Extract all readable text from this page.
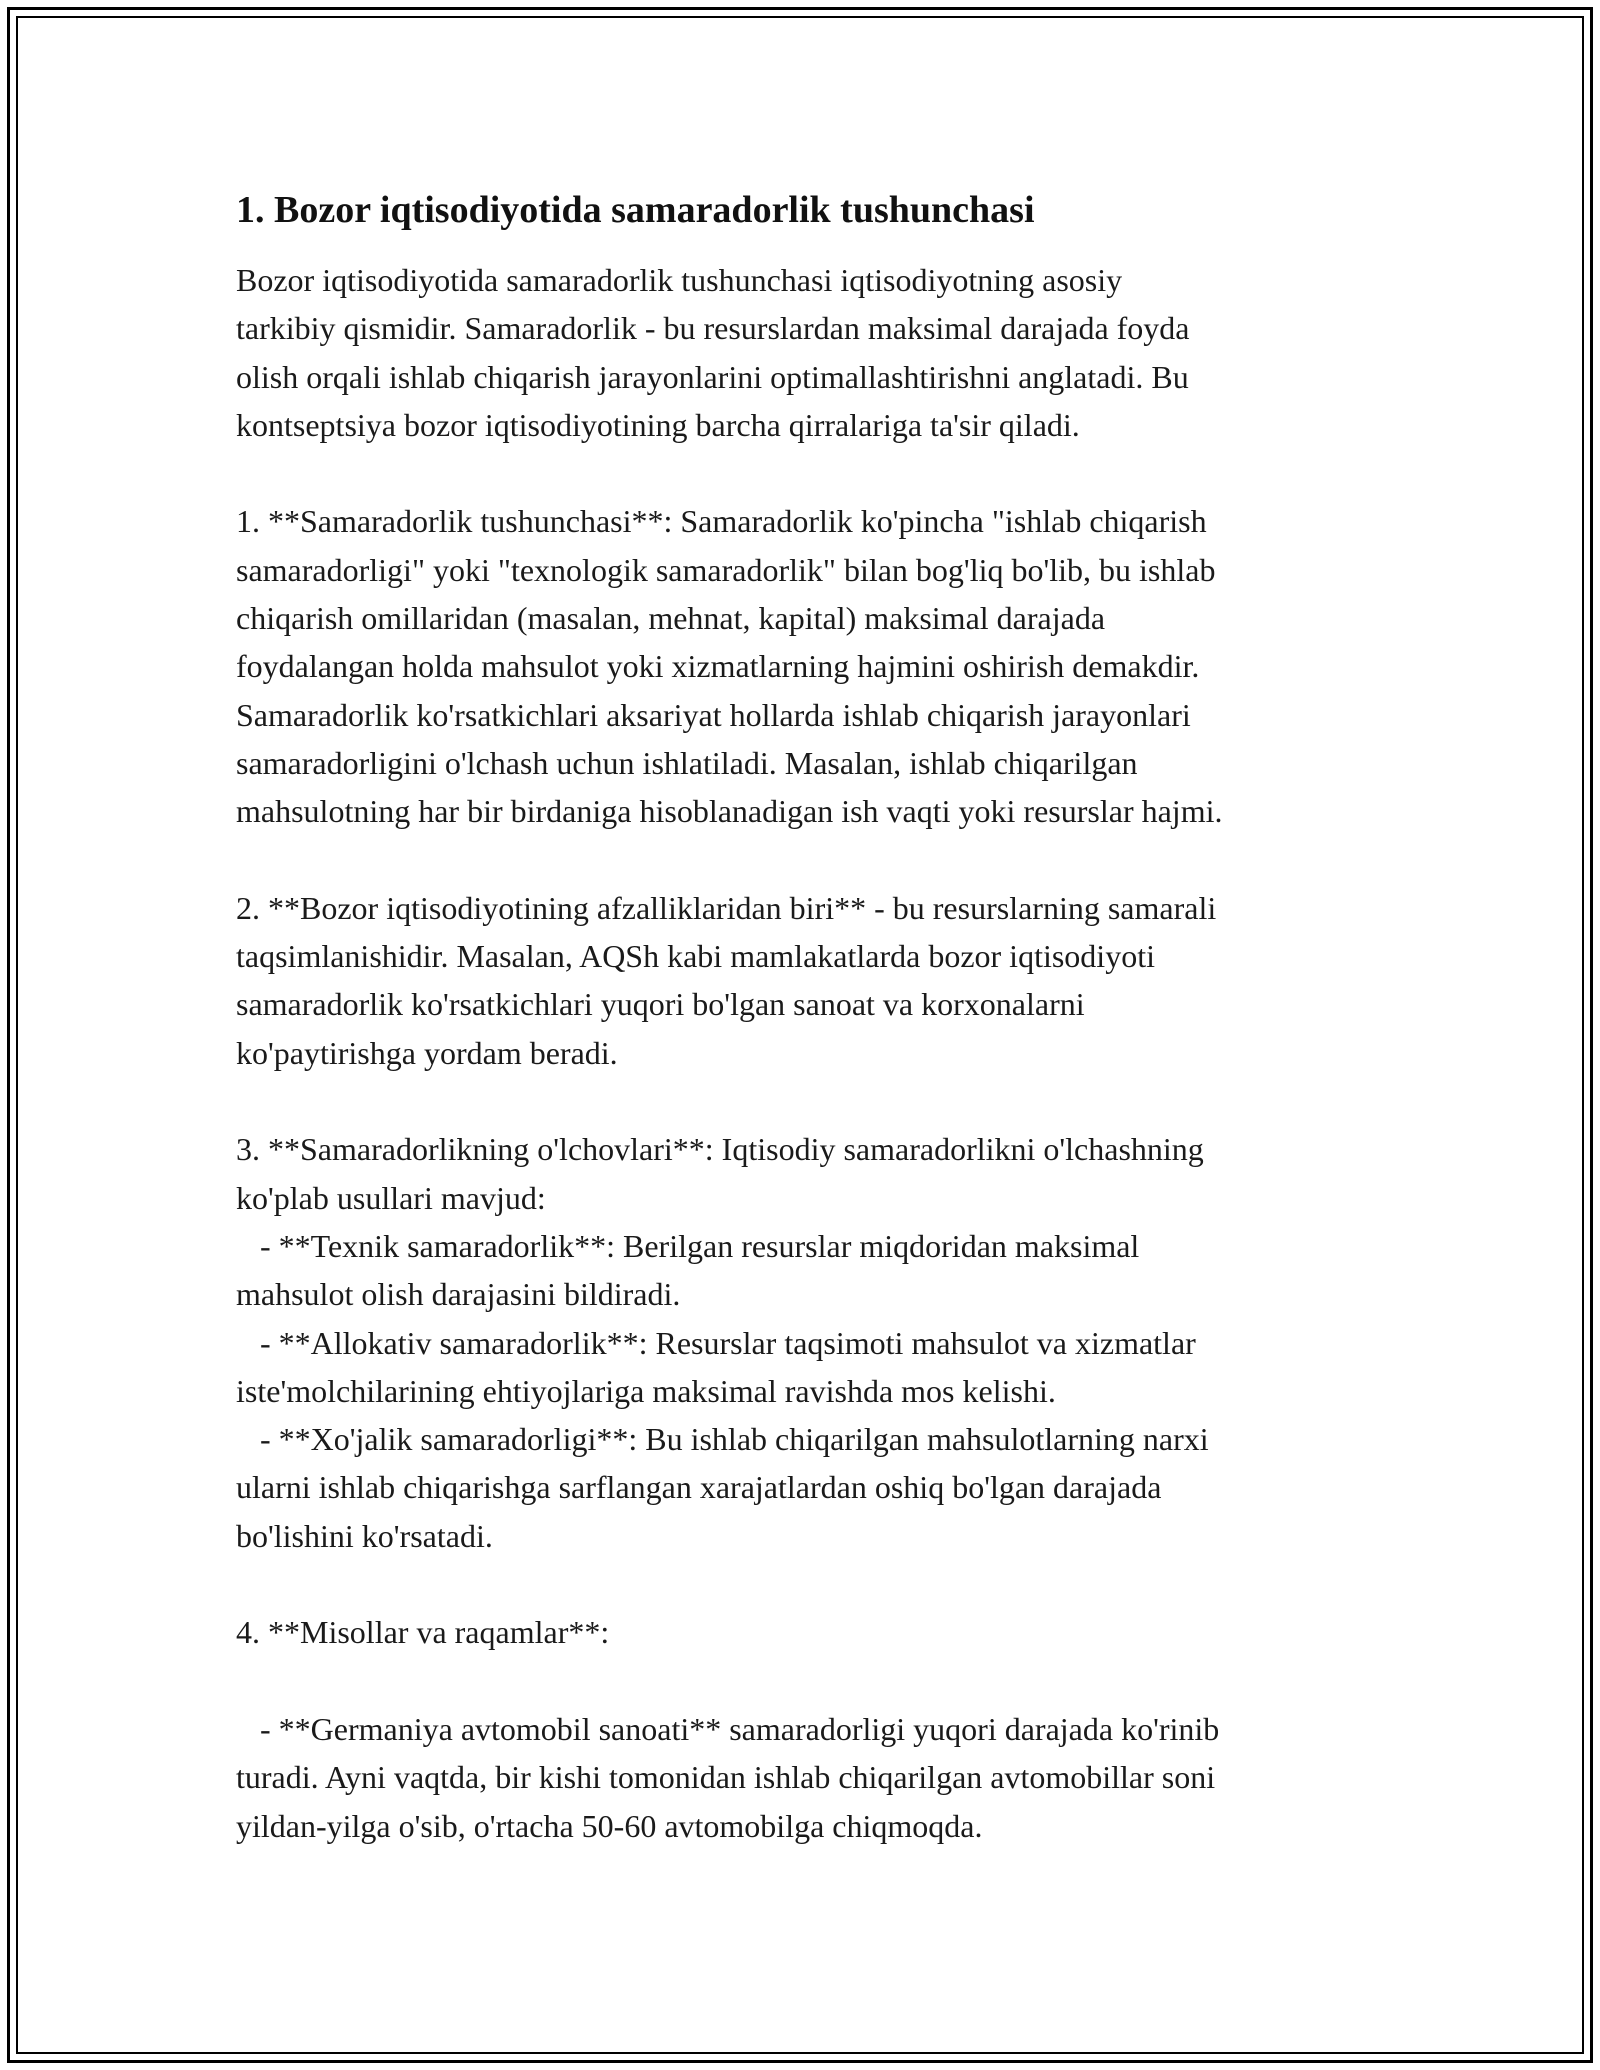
1. Bozor iqtisodiyotida samaradorlik tushunchasi
Bozor iqtisodiyotida samaradorlik tushunchasi iqtisodiyotning asosiy
tarkibiy qismidir. Samaradorlik - bu resurslardan maksimal darajada foyda
olish orqali ishlab chiqarish jarayonlarini optimallashtirishni anglatadi. Bu
kontseptsiya bozor iqtisodiyotining barcha qirralariga ta'sir qiladi.
1. **Samaradorlik tushunchasi**: Samaradorlik ko'pincha "ishlab chiqarish
samaradorligi" yoki "texnologik samaradorlik" bilan bog'liq bo'lib, bu ishlab
chiqarish omillaridan (masalan, mehnat, kapital) maksimal darajada
foydalangan holda mahsulot yoki xizmatlarning hajmini oshirish demakdir.
Samaradorlik ko'rsatkichlari aksariyat hollarda ishlab chiqarish jarayonlari
samaradorligini o'lchash uchun ishlatiladi. Masalan, ishlab chiqarilgan
mahsulotning har bir birdaniga hisoblanadigan ish vaqti yoki resurslar hajmi.
2. **Bozor iqtisodiyotining afzalliklaridan biri** - bu resurslarning samarali
taqsimlanishidir. Masalan, AQSh kabi mamlakatlarda bozor iqtisodiyoti
samaradorlik ko'rsatkichlari yuqori bo'lgan sanoat va korxonalarni
ko'paytirishga yordam beradi.
3. **Samaradorlikning o'lchovlari**: Iqtisodiy samaradorlikni o'lchashning
ko'plab usullari mavjud:
- **Texnik samaradorlik**: Berilgan resurslar miqdoridan maksimal
mahsulot olish darajasini bildiradi.
- **Allokativ samaradorlik**: Resurslar taqsimoti mahsulot va xizmatlar
iste'molchilarining ehtiyojlariga maksimal ravishda mos kelishi.
- **Xo'jalik samaradorligi**: Bu ishlab chiqarilgan mahsulotlarning narxi
ularni ishlab chiqarishga sarflangan xarajatlardan oshiq bo'lgan darajada
bo'lishini ko'rsatadi.
4. **Misollar va raqamlar**:
- **Germaniya avtomobil sanoati** samaradorligi yuqori darajada ko'rinib
turadi. Ayni vaqtda, bir kishi tomonidan ishlab chiqarilgan avtomobillar soni
yildan-yilga o'sib, o'rtacha 50-60 avtomobilga chiqmoqda.
